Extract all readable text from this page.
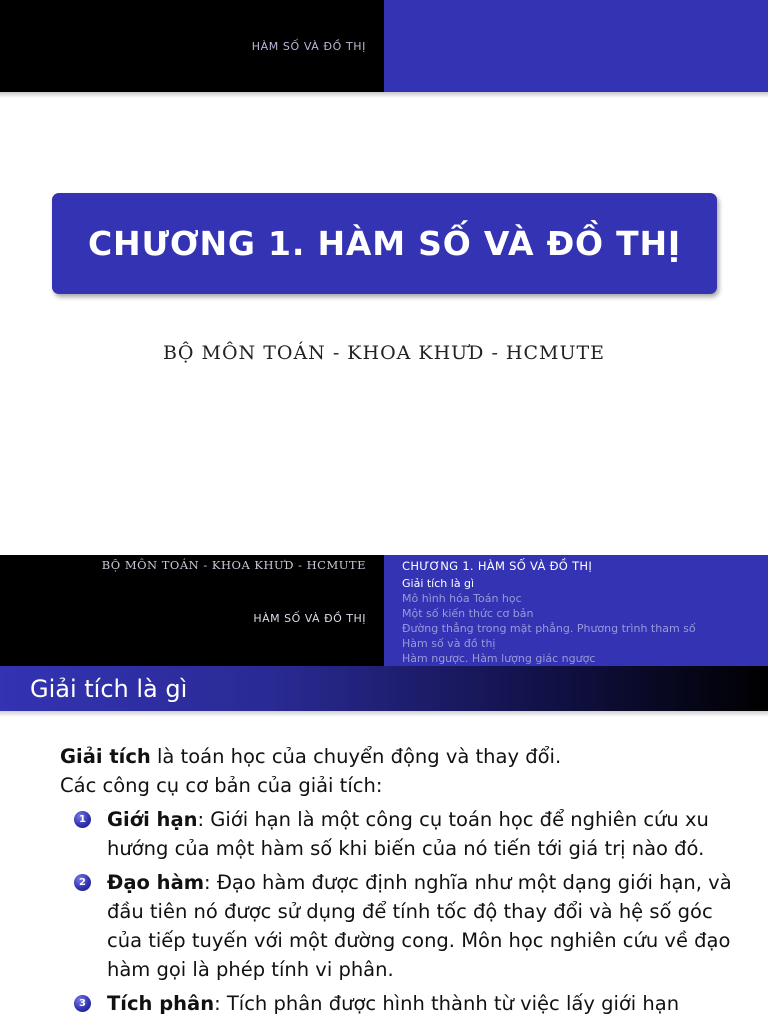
HÀM SỐ VÀ ĐỒ THỊ
CHƯƠNG 1. HÀM SỐ VÀ ĐỒ THỊ
BỘ MÔN TOÁN - KHOA KHƯD - HCMUTE
BỘ MÔN TOÁN - KHOA KHƯD - HCMUTE
HÀM SỐ VÀ ĐỒ THỊ
CHƯƠNG 1. HÀM SỐ VÀ ĐỒ THỊ
Giải tích là gì
Mô hình hóa Toán học
Một số kiến thức cơ bản
Đường thẳng trong mặt phẳng. Phương trình tham số
Hàm số và đồ thị
Hàm ngược. Hàm lượng giác ngược
Giải tích là gì

Giải tích là toán học của chuyển động và thay đổi.

Các công cụ cơ bản của giải tích:

1 Giới hạn: Giới hạn là một công cụ toán học để nghiên cứu xu hướng của một hàm số khi biến của nó tiến tới giá trị nào đó.
2 Đạo hàm: Đạo hàm được định nghĩa như một dạng giới hạn, và đầu tiên nó được sử dụng để tính tốc độ thay đổi và hệ số góc của tiếp tuyến với một đường cong. Môn học nghiên cứu về đạo hàm gọi là phép tính vi phân.
3 Tích phân: Tích phân được hình thành từ việc lấy giới hạn
